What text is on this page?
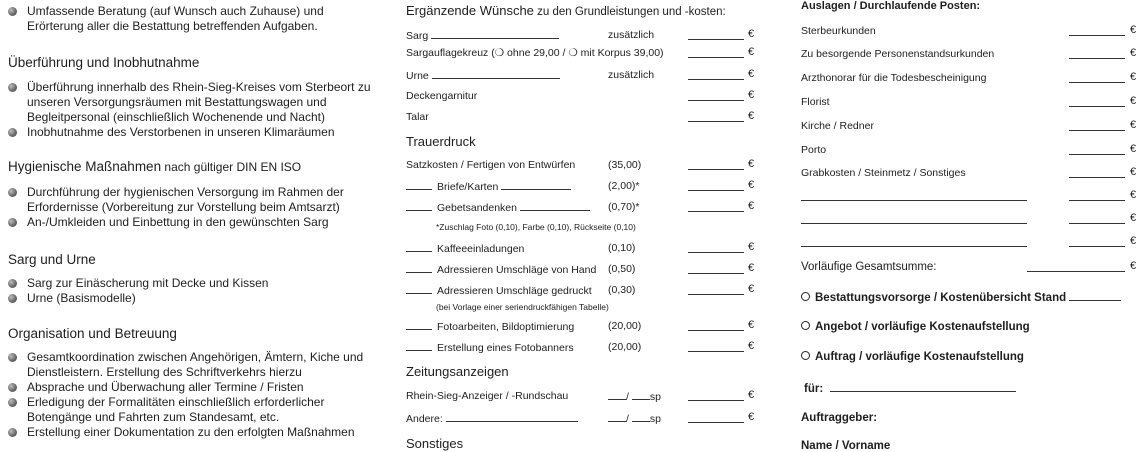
Umfassende Beratung (auf Wunsch auch Zuhause) und Erörterung aller die Bestattung betreffenden Aufgaben.
Überführung und Inobhutnahme
Überführung innerhalb des Rhein-Sieg-Kreises vom Sterbeort zu unseren Versorgungsräumen mit Bestattungswagen und Begleitpersonal (einschließlich Wochenende und Nacht)
Inobhutnahme des Verstorbenen in unseren Klimaräumen
Hygienische Maßnahmen nach gültiger DIN EN ISO
Durchführung der hygienischen Versorgung im Rahmen der Erfordernisse (Vorbereitung zur Vorstellung beim Amtsarzt)
An-/Umkleiden und Einbettung in den gewünschten Sarg
Sarg und Urne
Sarg zur Einäscherung mit Decke und Kissen
Urne (Basismodelle)
Organisation und Betreuung
Gesamtkoordination zwischen Angehörigen, Ämtern, Kiche und Dienstleistern. Erstellung des Schriftverkehrs hierzu
Absprache und Überwachung aller Termine / Fristen
Erledigung der Formalitäten einschließlich erforderlicher Botengänge und Fahrten zum Standesamt, etc.
Erstellung einer Dokumentation zu den erfolgten Maßnahmen
Ergänzende Wünsche zu den Grundleistungen und -kosten:
Sarg	zusätzlich	€
Sargauflagekreuz (❍ ohne 29,00 / ❍ mit Korpus 39,00)	€
Urne	zusätzlich	€
Deckengarnitur	€
Talar	€
Trauerdruck
Satzkosten / Fertigen von Entwürfen	(35,00)	€
Briefe/Karten	(2,00)*	€
Gebetsandenken	(0,70)*	€
*Zuschlag Foto (0,10), Farbe (0,10), Rückseite (0,10)
Kaffeeeinladungen	(0,10)	€
Adressieren Umschläge von Hand (0,50)	€
Adressieren Umschläge gedruckt (0,30)	€
(bei Vorlage einer seriendruckfähigen Tabelle)
Fotoarbeiten, Bildoptimierung	(20,00)	€
Erstellung eines Fotobanners	(20,00)	€
Zeitungsanzeigen
Rhein-Sieg-Anzeiger / -Rundschau	/ sp	€
Andere:	/ sp	€
Sonstiges
Auslagen / Durchlaufende Posten:
Sterbeurkunden	€
Zu besorgende Personenstandsurkunden	€
Arzthonorar für die Todesbescheinigung	€
Florist	€
Kirche / Redner	€
Porto	€
Grabkosten / Steinmetz / Sonstiges	€
€
€
€
Vorläufige Gesamtsumme:	€
Bestattungsvorsorge / Kostenübersicht Stand
Angebot / vorläufige Kostenaufstellung
Auftrag / vorläufige Kostenaufstellung
für:
Auftraggeber:
Name / Vorname
